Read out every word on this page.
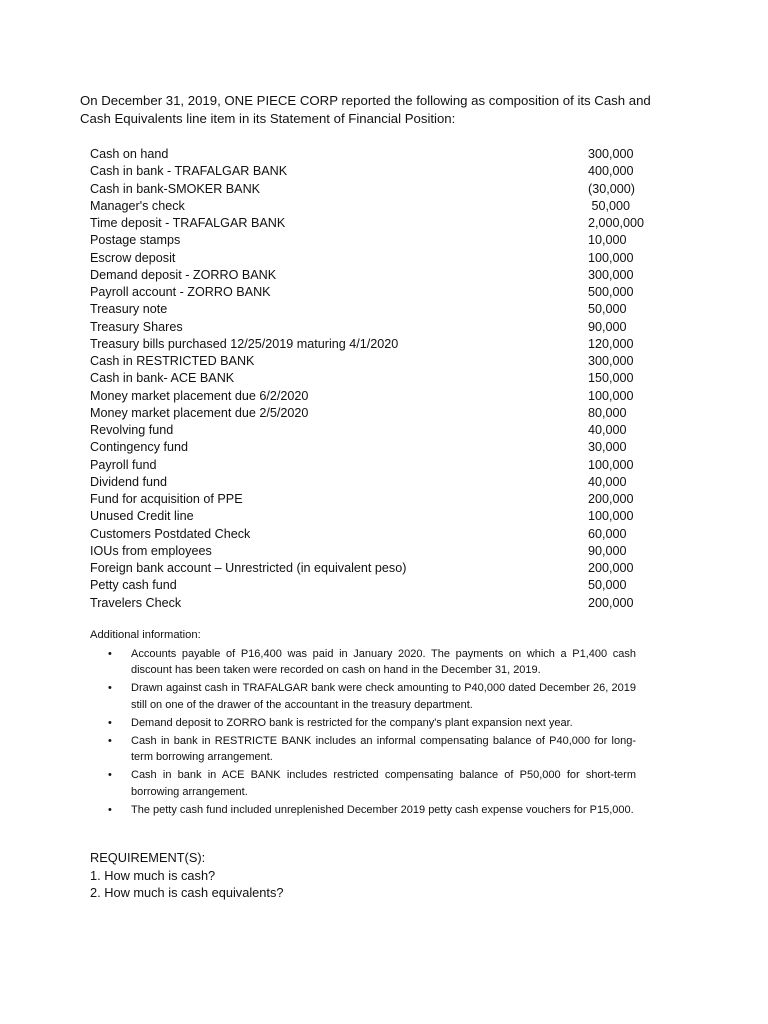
On December 31, 2019, ONE PIECE CORP reported the following as composition of its Cash and Cash Equivalents line item in its Statement of Financial Position:

Cash on hand	300,000
Cash in bank - TRAFALGAR BANK	400,000
Cash in bank-SMOKER BANK	(30,000)
Manager's check	50,000
Time deposit - TRAFALGAR BANK	2,000,000
Postage stamps	10,000
Escrow deposit	100,000
Demand deposit - ZORRO BANK	300,000
Payroll account - ZORRO BANK	500,000
Treasury note	50,000
Treasury Shares	90,000
Treasury bills purchased 12/25/2019 maturing 4/1/2020	120,000
Cash in RESTRICTED BANK	300,000
Cash in bank- ACE BANK	150,000
Money market placement due 6/2/2020	100,000
Money market placement due 2/5/2020	80,000
Revolving fund	40,000
Contingency fund	30,000
Payroll fund	100,000
Dividend fund	40,000
Fund for acquisition of PPE	200,000
Unused Credit line	100,000
Customers Postdated Check	60,000
IOUs from employees	90,000
Foreign bank account – Unrestricted (in equivalent peso)	200,000
Petty cash fund	50,000
Travelers Check	200,000

Additional information:

• Accounts payable of P16,400 was paid in January 2020. The payments on which a P1,400 cash discount has been taken were recorded on cash on hand in the December 31, 2019.
• Drawn against cash in TRAFALGAR bank were check amounting to P40,000 dated December 26, 2019 still on one of the drawer of the accountant in the treasury department.
• Demand deposit to ZORRO bank is restricted for the company's plant expansion next year.
• Cash in bank in RESTRICTE BANK includes an informal compensating balance of P40,000 for long-term borrowing arrangement.
• Cash in bank in ACE BANK includes restricted compensating balance of P50,000 for short-term borrowing arrangement.
• The petty cash fund included unreplenished December 2019 petty cash expense vouchers for P15,000.
REQUIREMENT(S):
1. How much is cash?
2. How much is cash equivalents?
